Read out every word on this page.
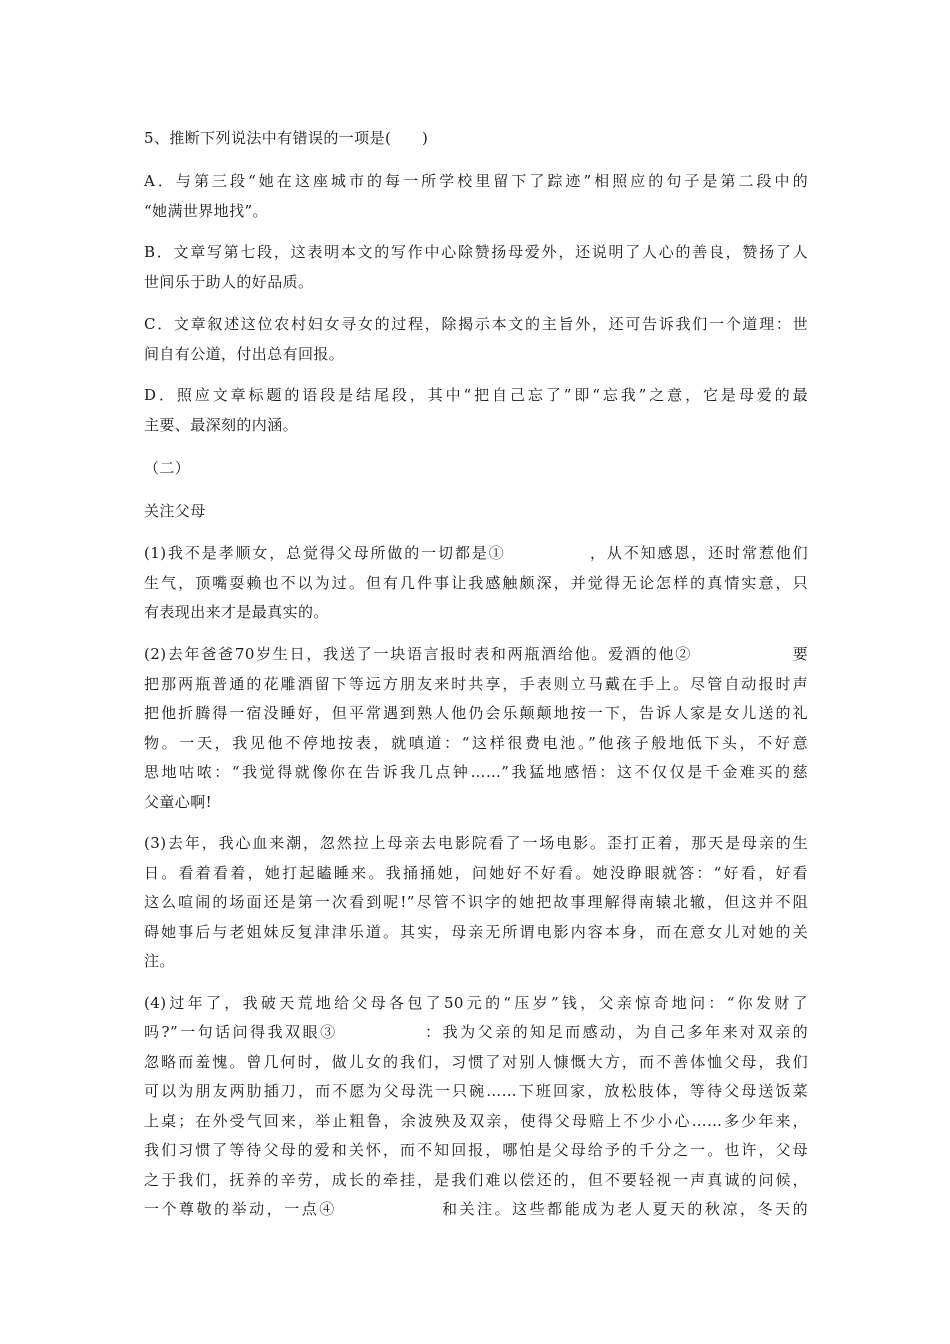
5、推断下列说法中有错误的一项是(　　)
A．与第三段“她在这座城市的每一所学校里留下了踪迹”相照应的句子是第二段中的
“她满世界地找”。
B．文章写第七段，这表明本文的写作中心除赞扬母爱外，还说明了人心的善良，赞扬了人
世间乐于助人的好品质。
C．文章叙述这位农村妇女寻女的过程，除揭示本文的主旨外，还可告诉我们一个道理：世
间自有公道，付出总有回报。
D．照应文章标题的语段是结尾段，其中“把自己忘了”即“忘我”之意，它是母爱的最
主要、最深刻的内涵。
（二）
关注父母
(1)我不是孝顺女，总觉得父母所做的一切都是①　　　　　，从不知感恩，还时常惹他们
生气，顶嘴耍赖也不以为过。但有几件事让我感触颇深，并觉得无论怎样的真情实意，只
有表现出来才是最真实的。
(2)去年爸爸70岁生日，我送了一块语言报时表和两瓶酒给他。爱酒的他②　　　　　　要
把那两瓶普通的花雕酒留下等远方朋友来时共享，手表则立马戴在手上。尽管自动报时声
把他折腾得一宿没睡好，但平常遇到熟人他仍会乐颠颠地按一下，告诉人家是女儿送的礼
物。一天，我见他不停地按表，就嗔道：“这样很费电池。”他孩子般地低下头，不好意
思地咕哝：“我觉得就像你在告诉我几点钟……”我猛地感悟：这不仅仅是千金难买的慈
父童心啊!
(3)去年，我心血来潮，忽然拉上母亲去电影院看了一场电影。歪打正着，那天是母亲的生
日。看着看着，她打起瞌睡来。我捅捅她，问她好不好看。她没睁眼就答：“好看，好看
这么喧闹的场面还是第一次看到呢!”尽管不识字的她把故事理解得南辕北辙，但这并不阻
碍她事后与老姐妹反复津津乐道。其实，母亲无所谓电影内容本身，而在意女儿对她的关
注。
(4)过年了，我破天荒地给父母各包了50元的“压岁”钱，父亲惊奇地问：“你发财了
吗?”一句话问得我双眼③　　　　　：我为父亲的知足而感动，为自己多年来对双亲的
忽略而羞愧。曾几何时，做儿女的我们，习惯了对别人慷慨大方，而不善体恤父母，我们
可以为朋友两肋插刀，而不愿为父母洗一只碗……下班回家，放松肢体，等待父母送饭菜
上桌；在外受气回来，举止粗鲁，余波殃及双亲，使得父母赔上不少小心……多少年来，
我们习惯了等待父母的爱和关怀，而不知回报，哪怕是父母给予的千分之一。也许，父母
之于我们，抚养的辛劳，成长的牵挂，是我们难以偿还的，但不要轻视一声真诚的问候，
一个尊敬的举动，一点④　　　　　　和关注。这些都能成为老人夏天的秋凉，冬天的
